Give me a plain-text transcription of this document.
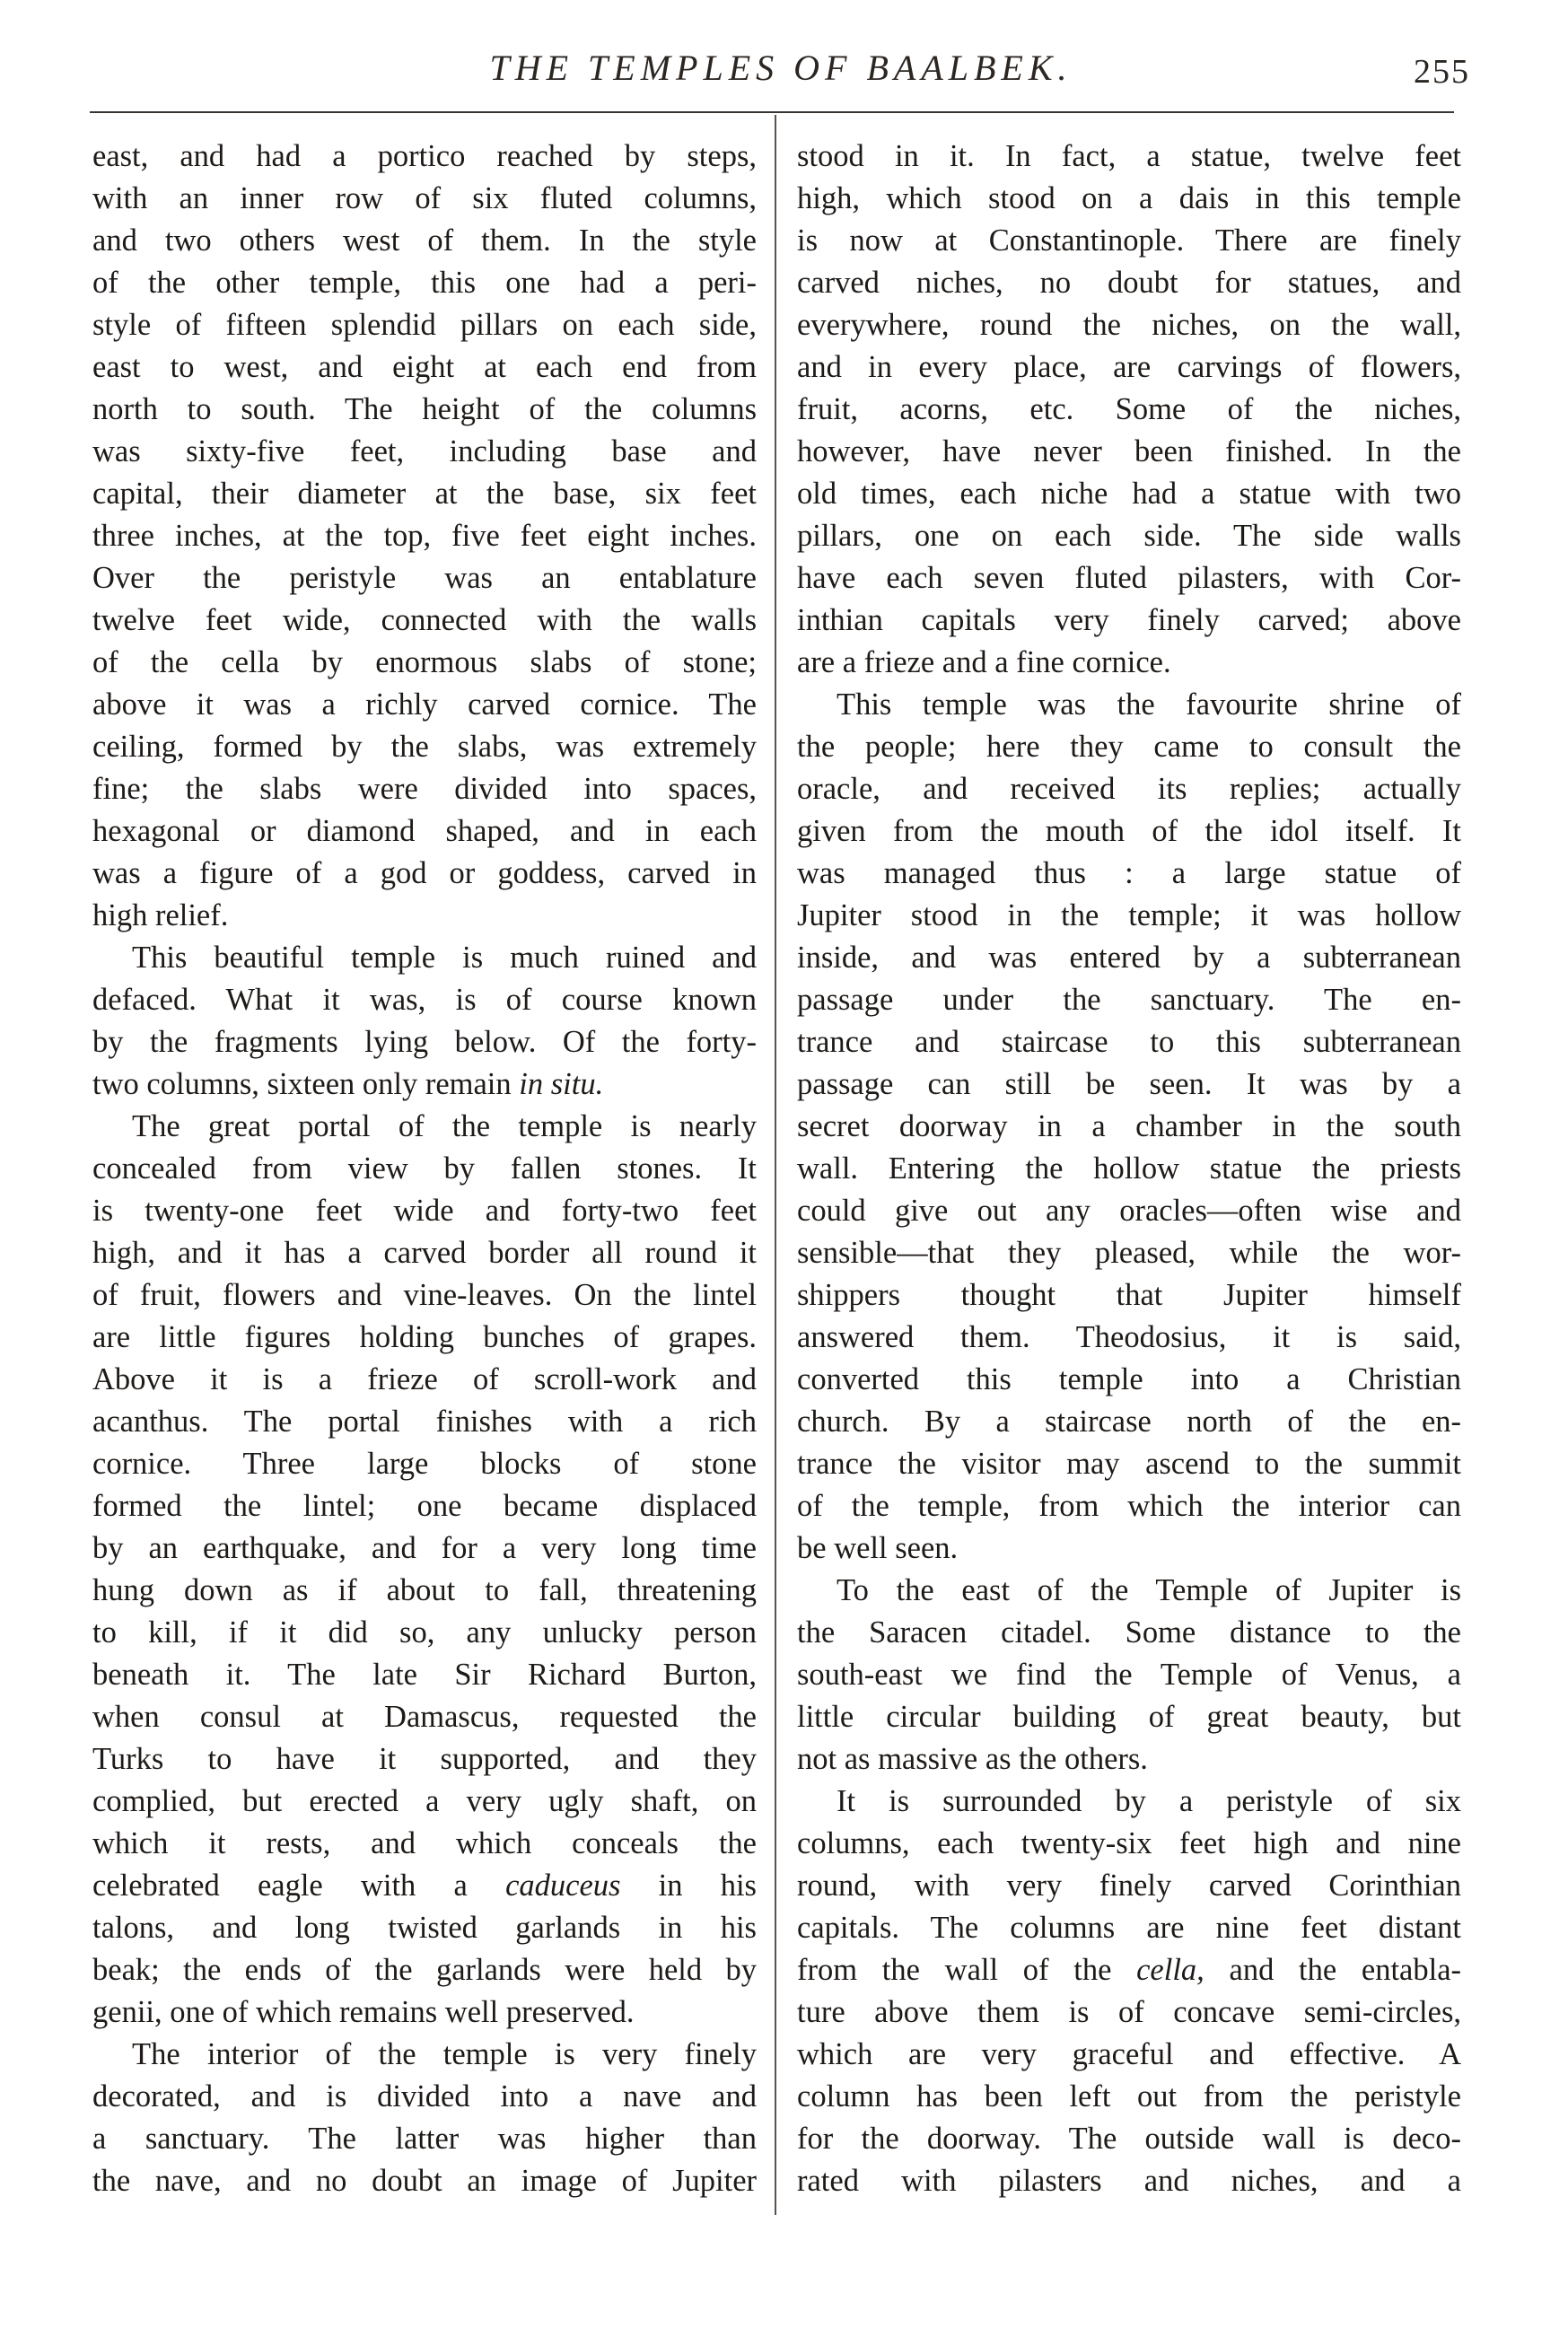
THE TEMPLES OF BAALBEK.	255
east, and had a portico reached by steps,
with an inner row of six fluted columns,
and two others west of them. In the style
of the other temple, this one had a peri-
style of fifteen splendid pillars on each side,
east to west, and eight at each end from
north to south. The height of the columns
was sixty-five feet, including base and
capital, their diameter at the base, six feet
three inches, at the top, five feet eight inches.
Over the peristyle was an entablature
twelve feet wide, connected with the walls
of the cella by enormous slabs of stone;
above it was a richly carved cornice. The
ceiling, formed by the slabs, was extremely
fine; the slabs were divided into spaces,
hexagonal or diamond shaped, and in each
was a figure of a god or goddess, carved in
high relief.
This beautiful temple is much ruined and
defaced. What it was, is of course known
by the fragments lying below. Of the forty-
two columns, sixteen only remain in situ.
The great portal of the temple is nearly
concealed from view by fallen stones. It
is twenty-one feet wide and forty-two feet
high, and it has a carved border all round it
of fruit, flowers and vine-leaves. On the lintel
are little figures holding bunches of grapes.
Above it is a frieze of scroll-work and
acanthus. The portal finishes with a rich
cornice. Three large blocks of stone
formed the lintel; one became displaced
by an earthquake, and for a very long time
hung down as if about to fall, threatening
to kill, if it did so, any unlucky person
beneath it. The late Sir Richard Burton,
when consul at Damascus, requested the
Turks to have it supported, and they
complied, but erected a very ugly shaft, on
which it rests, and which conceals the
celebrated eagle with a caduceus in his
talons, and long twisted garlands in his
beak; the ends of the garlands were held by
genii, one of which remains well preserved.
The interior of the temple is very finely
decorated, and is divided into a nave and
a sanctuary. The latter was higher than
the nave, and no doubt an image of Jupiter
stood in it. In fact, a statue, twelve feet
high, which stood on a dais in this temple
is now at Constantinople. There are finely
carved niches, no doubt for statues, and
everywhere, round the niches, on the wall,
and in every place, are carvings of flowers,
fruit, acorns, etc. Some of the niches,
however, have never been finished. In the
old times, each niche had a statue with two
pillars, one on each side. The side walls
have each seven fluted pilasters, with Cor-
inthian capitals very finely carved; above
are a frieze and a fine cornice.
This temple was the favourite shrine of
the people; here they came to consult the
oracle, and received its replies; actually
given from the mouth of the idol itself. It
was managed thus : a large statue of
Jupiter stood in the temple; it was hollow
inside, and was entered by a subterranean
passage under the sanctuary. The en-
trance and staircase to this subterranean
passage can still be seen. It was by a
secret doorway in a chamber in the south
wall. Entering the hollow statue the priests
could give out any oracles—often wise and
sensible—that they pleased, while the wor-
shippers thought that Jupiter himself
answered them. Theodosius, it is said,
converted this temple into a Christian
church. By a staircase north of the en-
trance the visitor may ascend to the summit
of the temple, from which the interior can
be well seen.
To the east of the Temple of Jupiter is
the Saracen citadel. Some distance to the
south-east we find the Temple of Venus, a
little circular building of great beauty, but
not as massive as the others.
It is surrounded by a peristyle of six
columns, each twenty-six feet high and nine
round, with very finely carved Corinthian
capitals. The columns are nine feet distant
from the wall of the cella, and the entabla-
ture above them is of concave semi-circles,
which are very graceful and effective. A
column has been left out from the peristyle
for the doorway. The outside wall is deco-
rated with pilasters and niches, and a
